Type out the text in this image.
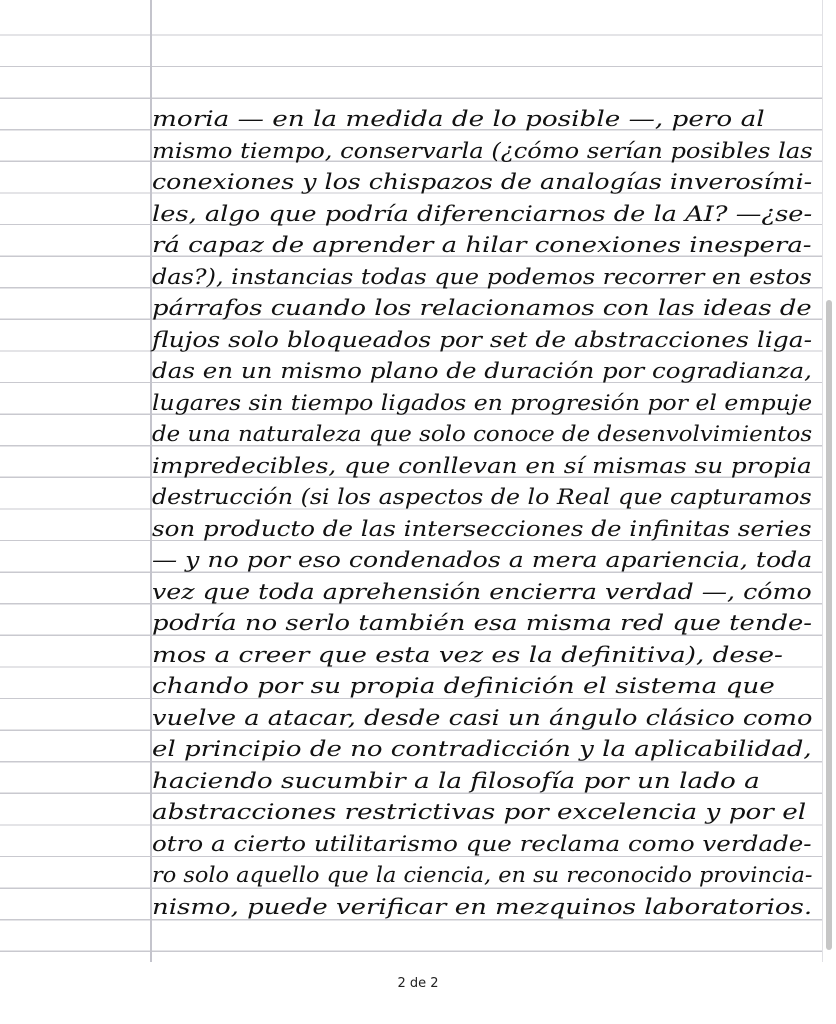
moria — en la medida de lo posible —, pero al
mismo tiempo, conservarla (¿cómo serían posibles las
conexiones y los chispazos de analogías inverosími-
les, algo que podría diferenciarnos de la AI? —¿se-
rá capaz de aprender a hilar conexiones inespera-
das?), instancias todas que podemos recorrer en estos
párrafos cuando los relacionamos con las ideas de
flujos solo bloqueados por set de abstracciones liga-
das en un mismo plano de duración por cogradianza,
lugares sin tiempo ligados en progresión por el empuje
de una naturaleza que solo conoce de desenvolvimientos
impredecibles, que conllevan en sí mismas su propia
destrucción (si los aspectos de lo Real que capturamos
son producto de las intersecciones de infinitas series
— y no por eso condenados a mera apariencia, toda
vez que toda aprehensión encierra verdad —, cómo
podría no serlo también esa misma red que tende-
mos a creer que esta vez es la definitiva), dese-
chando por su propia definición el sistema que
vuelve a atacar, desde casi un ángulo clásico como
el principio de no contradicción y la aplicabilidad,
haciendo sucumbir a la filosofía por un lado a
abstracciones restrictivas por excelencia y por el
otro a cierto utilitarismo que reclama como verdade-
ro solo aquello que la ciencia, en su reconocido provincia-
nismo, puede verificar en mezquinos laboratorios.
2 de 2
